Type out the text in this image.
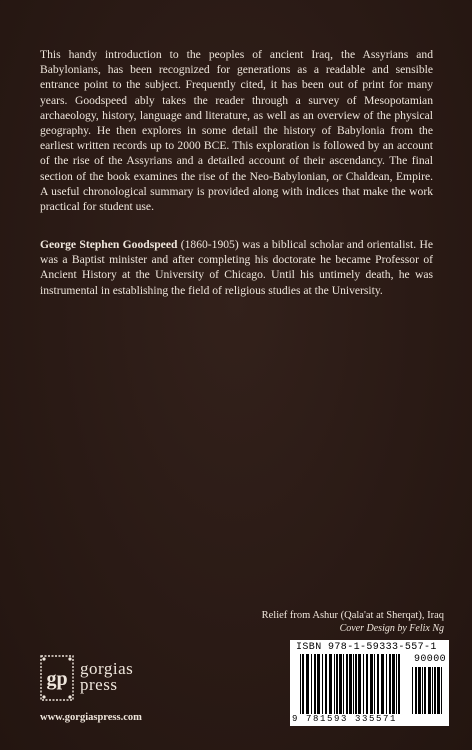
This handy introduction to the peoples of ancient Iraq, the Assyrians and Babylonians, has been recognized for generations as a readable and sensible entrance point to the subject. Frequently cited, it has been out of print for many years. Goodspeed ably takes the reader through a survey of Mesopotamian archaeology, history, language and literature, as well as an overview of the physical geography. He then explores in some detail the history of Babylonia from the earliest written records up to 2000 BCE. This exploration is followed by an account of the rise of the Assyrians and a detailed account of their ascendancy. The final section of the book examines the rise of the Neo-Babylonian, or Chaldean, Empire. A useful chronological summary is provided along with indices that make the work practical for student use.

George Stephen Goodspeed (1860-1905) was a biblical scholar and orientalist. He was a Baptist minister and after completing his doctorate he became Professor of Ancient History at the University of Chicago. Until his untimely death, he was instrumental in establishing the field of religious studies at the University.

Relief from Ashur (Qala'at at Sherqat), Iraq

Cover Design by Felix Ng

gp gorgias
press

www.gorgiaspress.com

ISBN 978-1-59333-557-1
90000
9 781593 335571
